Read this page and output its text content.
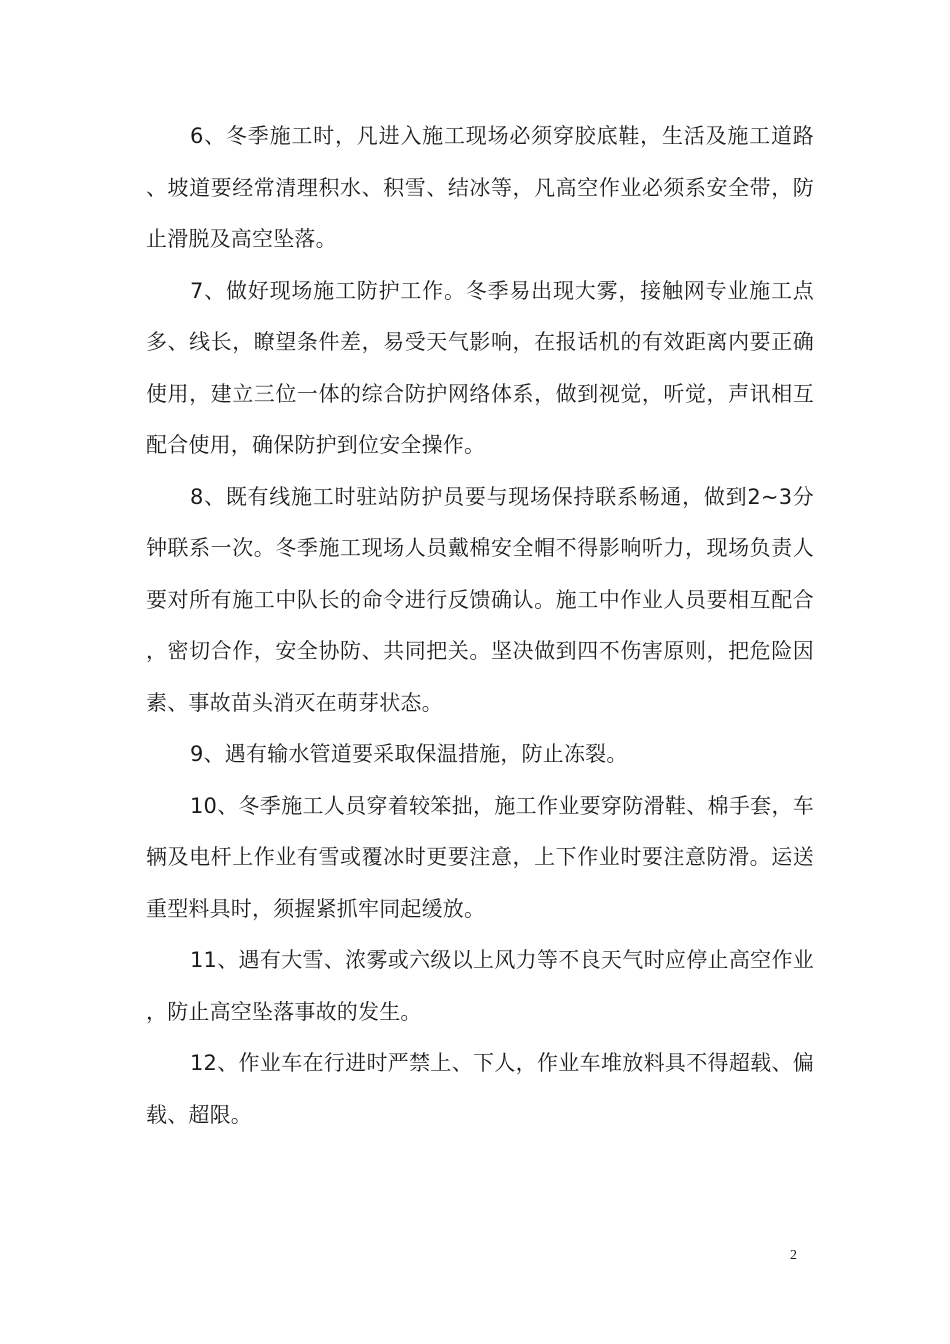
6、冬季施工时，凡进入施工现场必须穿胶底鞋，生活及施工道路、坡道要经常清理积水、积雪、结冰等，凡高空作业必须系安全带，防止滑脱及高空坠落。

7、做好现场施工防护工作。冬季易出现大雾，接触网专业施工点多、线长，瞭望条件差，易受天气影响，在报话机的有效距离内要正确使用，建立三位一体的综合防护网络体系，做到视觉，听觉，声讯相互配合使用，确保防护到位安全操作。

8、既有线施工时驻站防护员要与现场保持联系畅通，做到2~3分钟联系一次。冬季施工现场人员戴棉安全帽不得影响听力，现场负责人要对所有施工中队长的命令进行反馈确认。施工中作业人员要相互配合，密切合作，安全协防、共同把关。坚决做到四不伤害原则，把危险因素、事故苗头消灭在萌芽状态。

9、遇有输水管道要采取保温措施，防止冻裂。

10、冬季施工人员穿着较笨拙，施工作业要穿防滑鞋、棉手套，车辆及电杆上作业有雪或覆冰时更要注意，上下作业时要注意防滑。运送重型料具时，须握紧抓牢同起缓放。

11、遇有大雪、浓雾或六级以上风力等不良天气时应停止高空作业，防止高空坠落事故的发生。

12、作业车在行进时严禁上、下人，作业车堆放料具不得超载、偏载、超限。

2
